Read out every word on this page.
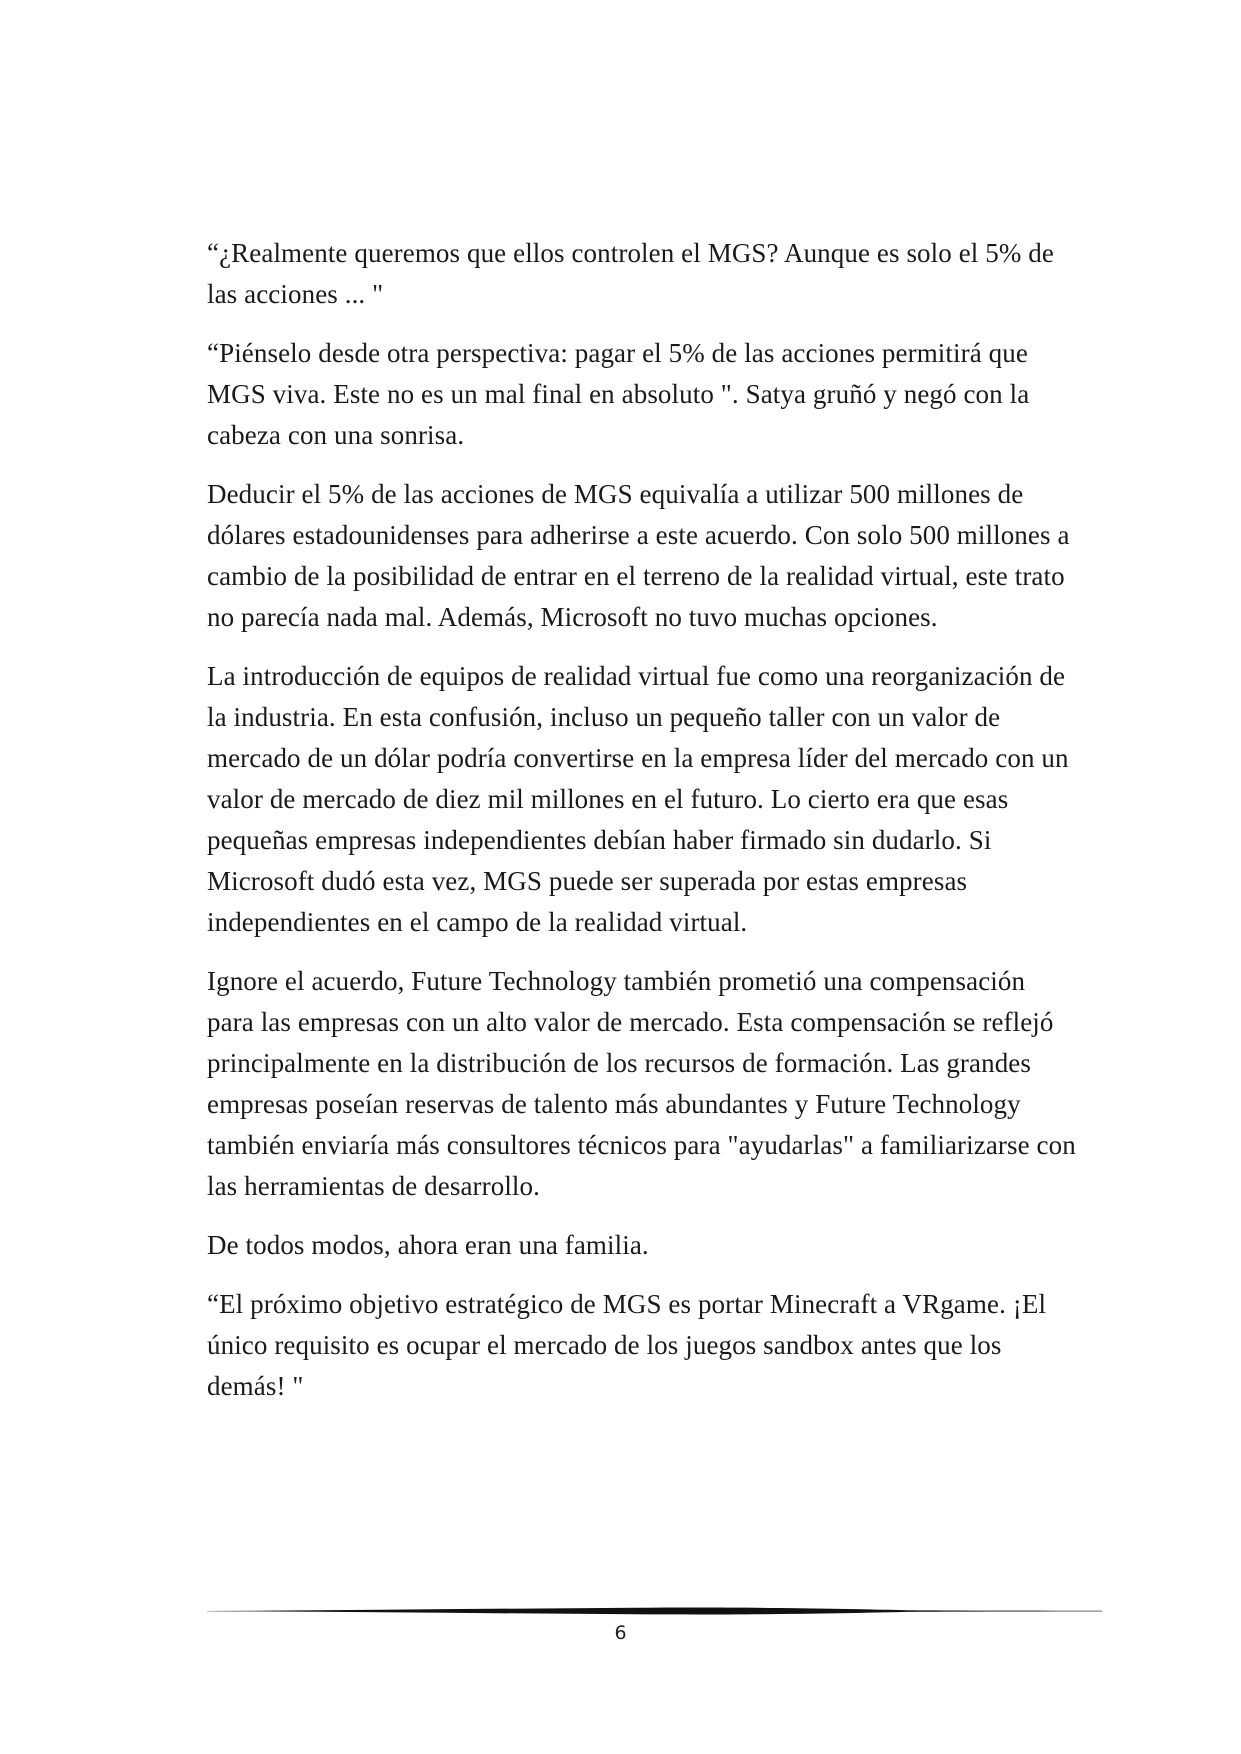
“¿Realmente queremos que ellos controlen el MGS? Aunque es solo el 5% de las acciones ... "

“Piénselo desde otra perspectiva: pagar el 5% de las acciones permitirá que MGS viva. Este no es un mal final en absoluto ". Satya gruñó y negó con la cabeza con una sonrisa.

Deducir el 5% de las acciones de MGS equivalía a utilizar 500 millones de dólares estadounidenses para adherirse a este acuerdo. Con solo 500 millones a cambio de la posibilidad de entrar en el terreno de la realidad virtual, este trato no parecía nada mal. Además, Microsoft no tuvo muchas opciones.

La introducción de equipos de realidad virtual fue como una reorganización de la industria. En esta confusión, incluso un pequeño taller con un valor de mercado de un dólar podría convertirse en la empresa líder del mercado con un valor de mercado de diez mil millones en el futuro. Lo cierto era que esas pequeñas empresas independientes debían haber firmado sin dudarlo. Si Microsoft dudó esta vez, MGS puede ser superada por estas empresas independientes en el campo de la realidad virtual.

Ignore el acuerdo, Future Technology también prometió una compensación para las empresas con un alto valor de mercado. Esta compensación se reflejó principalmente en la distribución de los recursos de formación. Las grandes empresas poseían reservas de talento más abundantes y Future Technology también enviaría más consultores técnicos para "ayudarlas" a familiarizarse con las herramientas de desarrollo.

De todos modos, ahora eran una familia.

“El próximo objetivo estratégico de MGS es portar Minecraft a VRgame. ¡El único requisito es ocupar el mercado de los juegos sandbox antes que los demás! "

6
